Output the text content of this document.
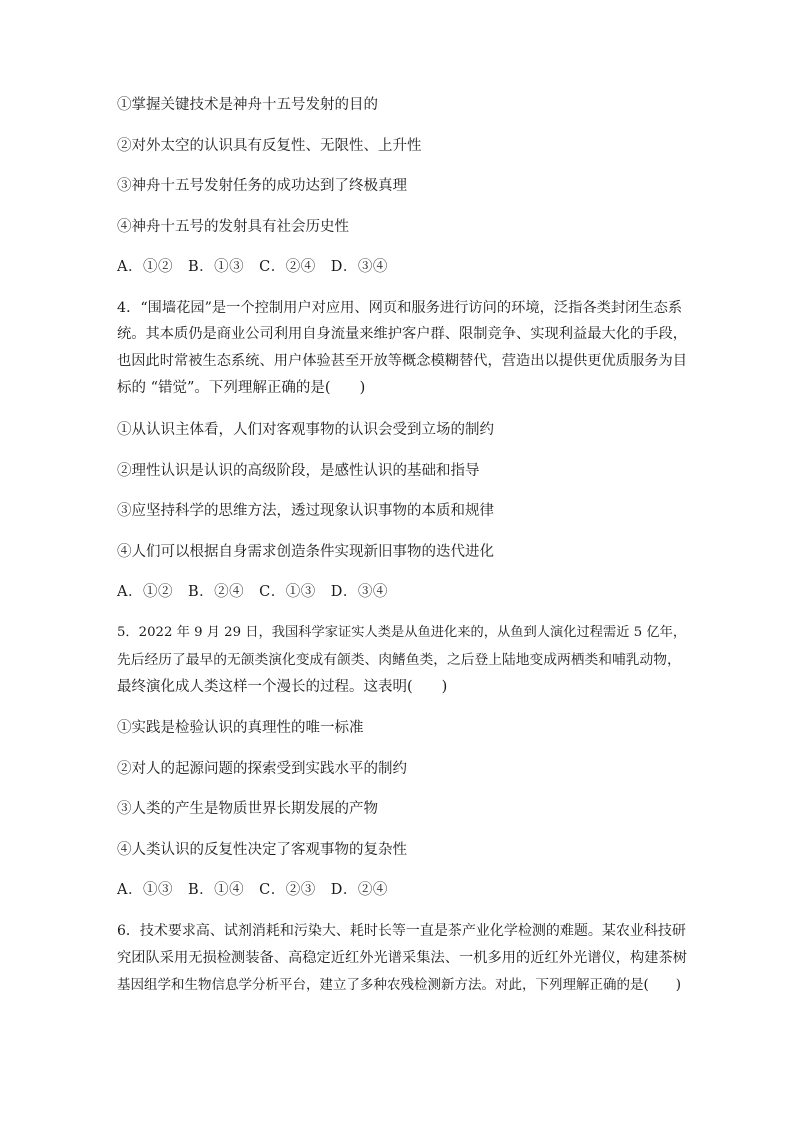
①掌握关键技术是神舟十五号发射的目的
②对外太空的认识具有反复性、无限性、上升性
③神舟十五号发射任务的成功达到了终极真理
④神舟十五号的发射具有社会历史性
A．①②　B．①③　C．②④　D．③④
4．“围墙花园”是一个控制用户对应用、网页和服务进行访问的环境，泛指各类封闭生态系
统。其本质仍是商业公司利用自身流量来维护客户群、限制竞争、实现利益最大化的手段，
也因此时常被生态系统、用户体验甚至开放等概念模糊替代，营造出以提供更优质服务为目
标的 “错觉”。下列理解正确的是(　　)
①从认识主体看，人们对客观事物的认识会受到立场的制约
②理性认识是认识的高级阶段，是感性认识的基础和指导
③应坚持科学的思维方法，透过现象认识事物的本质和规律
④人们可以根据自身需求创造条件实现新旧事物的迭代进化
A．①②　B．②④　C．①③　D．③④
5．2022 年 9 月 29 日，我国科学家证实人类是从鱼进化来的，从鱼到人演化过程需近 5 亿年，
先后经历了最早的无颌类演化变成有颌类、肉鳍鱼类，之后登上陆地变成两栖类和哺乳动物，
最终演化成人类这样一个漫长的过程。这表明(　　)
①实践是检验认识的真理性的唯一标准
②对人的起源问题的探索受到实践水平的制约
③人类的产生是物质世界长期发展的产物
④人类认识的反复性决定了客观事物的复杂性
A．①③　B．①④　C．②③　D．②④
6．技术要求高、试剂消耗和污染大、耗时长等一直是茶产业化学检测的难题。某农业科技研
究团队采用无损检测装备、高稳定近红外光谱采集法、一机多用的近红外光谱仪，构建茶树
基因组学和生物信息学分析平台，建立了多种农残检测新方法。对此，下列理解正确的是(　　)
